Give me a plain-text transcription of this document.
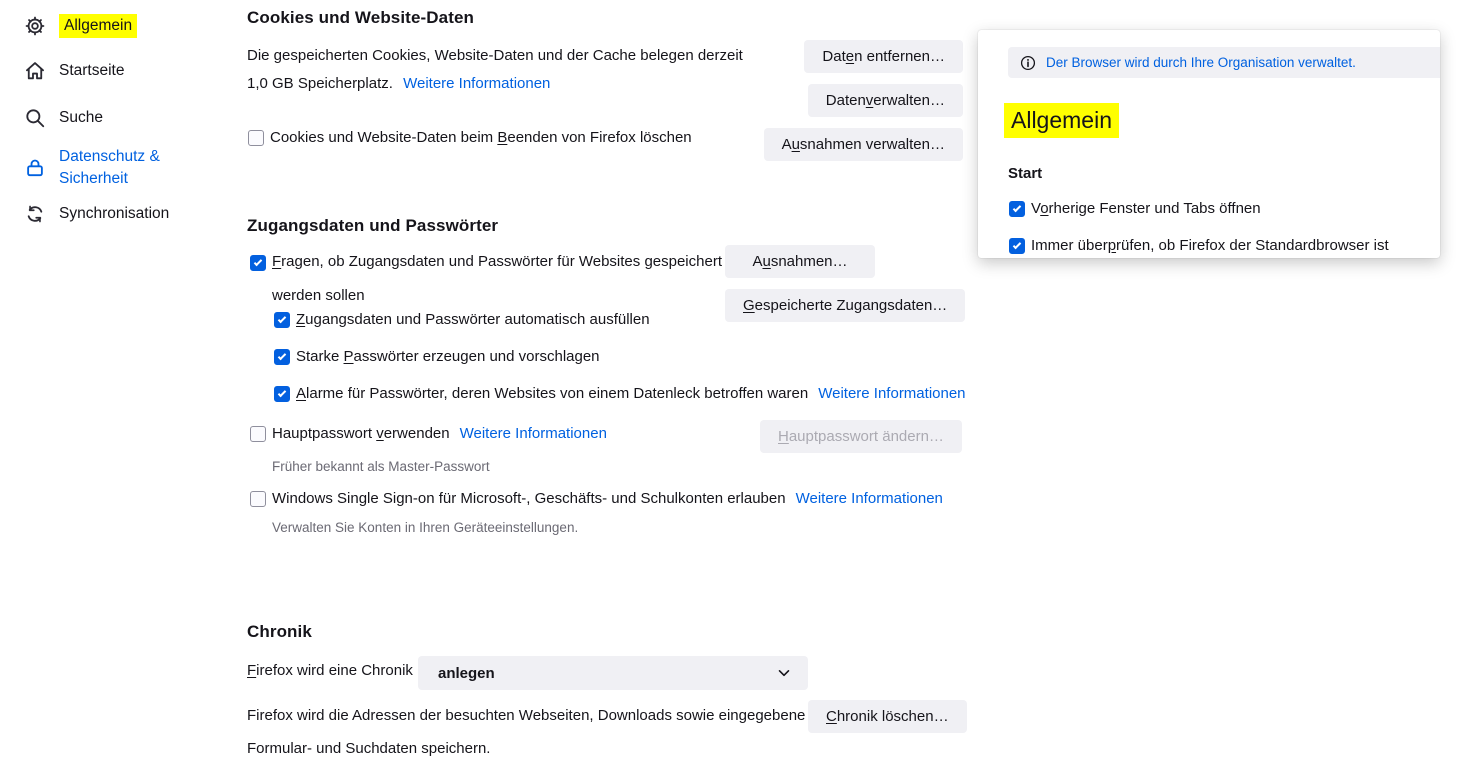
Allgemein
Startseite
Suche
Datenschutz & Sicherheit
Synchronisation
Cookies und Website-Daten
Die gespeicherten Cookies, Website-Daten und der Cache belegen derzeit
1,0 GB Speicherplatz. Weitere Informationen
Dat e n entfernen…
Daten v erwalten…
A u snahmen verwalten…
Cookies und Website-Daten beim Beenden von Firefox löschen
Zugangsdaten und Passwörter
Fragen, ob Zugangsdaten und Passwörter für Websites gespeichert werden sollen
A u snahmen…
G espeicherte Zugangsdaten…
Zugangsdaten und Passwörter automatisch ausfüllen
Starke Passwörter erzeugen und vorschlagen
Alarme für Passwörter, deren Websites von einem Datenleck betroffen waren Weitere Informationen
Hauptpasswort verwenden Weitere Informationen	H auptpasswort ändern…
Früher bekannt als Master-Passwort
Windows Single Sign-on für Microsoft-, Geschäfts- und Schulkonten erlauben Weitere Informationen
Verwalten Sie Konten in Ihren Geräteeinstellungen.
Chronik
Firefox wird eine Chronik anlegen
Firefox wird die Adressen der besuchten Webseiten, Downloads sowie eingegebene
Formular- und Suchdaten speichern.
C hronik löschen…
Der Browser wird durch Ihre Organisation verwaltet.
Allgemein
Start
Vorherige Fenster und Tabs öffnen
Immer überprüfen, ob Firefox der Standardbrowser ist
